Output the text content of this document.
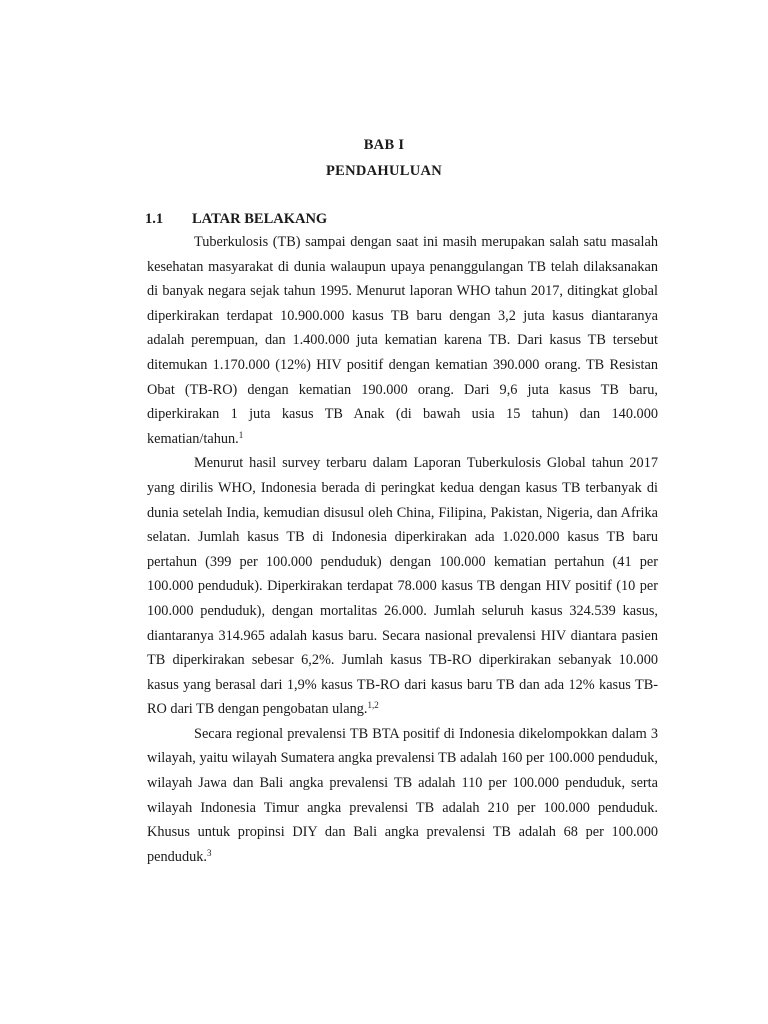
BAB I
PENDAHULUAN
1.1 LATAR BELAKANG

Tuberkulosis (TB) sampai dengan saat ini masih merupakan salah satu masalah kesehatan masyarakat di dunia walaupun upaya penanggulangan TB telah dilaksanakan di banyak negara sejak tahun 1995. Menurut laporan WHO tahun 2017, ditingkat global diperkirakan terdapat 10.900.000 kasus TB baru dengan 3,2 juta kasus diantaranya adalah perempuan, dan 1.400.000 juta kematian karena TB. Dari kasus TB tersebut ditemukan 1.170.000 (12%) HIV positif dengan kematian 390.000 orang. TB Resistan Obat (TB-RO) dengan kematian 190.000 orang. Dari 9,6 juta kasus TB baru, diperkirakan 1 juta kasus TB Anak (di bawah usia 15 tahun) dan 140.000 kematian/tahun.$^1$

Menurut hasil survey terbaru dalam Laporan Tuberkulosis Global tahun 2017 yang dirilis WHO, Indonesia berada di peringkat kedua dengan kasus TB terbanyak di dunia setelah India, kemudian disusul oleh China, Filipina, Pakistan, Nigeria, dan Afrika selatan. Jumlah kasus TB di Indonesia diperkirakan ada 1.020.000 kasus TB baru pertahun (399 per 100.000 penduduk) dengan 100.000 kematian pertahun (41 per 100.000 penduduk). Diperkirakan terdapat 78.000 kasus TB dengan HIV positif (10 per 100.000 penduduk), dengan mortalitas 26.000. Jumlah seluruh kasus 324.539 kasus, diantaranya 314.965 adalah kasus baru. Secara nasional prevalensi HIV diantara pasien TB diperkirakan sebesar 6,2%. Jumlah kasus TB-RO diperkirakan sebanyak 10.000 kasus yang berasal dari 1,9% kasus TB-RO dari kasus baru TB dan ada 12% kasus TB-RO dari TB dengan pengobatan ulang.$^{1,2}$

Secara regional prevalensi TB BTA positif di Indonesia dikelompokkan dalam 3 wilayah, yaitu wilayah Sumatera angka prevalensi TB adalah 160 per 100.000 penduduk, wilayah Jawa dan Bali angka prevalensi TB adalah 110 per 100.000 penduduk, serta wilayah Indonesia Timur angka prevalensi TB adalah 210 per 100.000 penduduk. Khusus untuk propinsi DIY dan Bali angka prevalensi TB adalah 68 per 100.000 penduduk.$^3$
